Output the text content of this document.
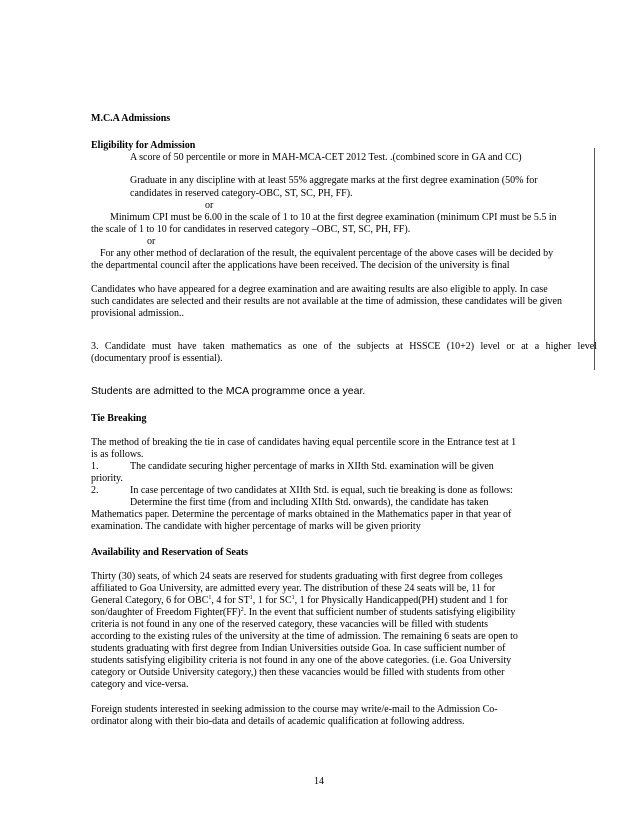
M.C.A Admissions
Eligibility for Admission
A score of 50 percentile or more in MAH-MCA-CET 2012 Test. .(combined score in GA and CC)
Graduate in any discipline with at least 55% aggregate marks at the first degree examination (50% for
candidates in reserved category-OBC, ST, SC, PH, FF).
or
Minimum CPI must be 6.00 in the scale of 1 to 10 at the first degree examination (minimum CPI must be 5.5 in
the scale of 1 to 10 for candidates in reserved category –OBC, ST, SC, PH, FF).
or
For any other method of declaration of the result, the equivalent percentage of the above cases will be decided by
the departmental council after the applications have been received. The decision of the university is final
Candidates who have appeared for a degree examination and are awaiting results are also eligible to apply. In case
such candidates are selected and their results are not available at the time of admission, these candidates will be given
provisional admission..
3. Candidate must have taken mathematics as one of the subjects at HSSCE (10+2) level or at a higher level
(documentary proof is essential).
Students are admitted to the MCA programme once a year.
Tie Breaking
The method of breaking the tie in case of candidates having equal percentile score in the Entrance test at 1
is as follows.
1.	The candidate securing higher percentage of marks in XIIth Std. examination will be given
priority.
2.	In case percentage of two candidates at XIIth Std. is equal, such tie breaking is done as follows:
Determine the first time (from and including XIIth Std. onwards), the candidate has taken
Mathematics paper. Determine the percentage of marks obtained in the Mathematics paper in that year of
examination. The candidate with higher percentage of marks will be given priority
Availability and Reservation of Seats
Thirty (30) seats, of which 24 seats are reserved for students graduating with first degree from colleges
affiliated to Goa University, are admitted every year. The distribution of these 24 seats will be, 11 for
General Category, 6 for OBC$^1$, 4 for $ST^1$, 1 for $SC^1$, 1 for Physically Handicapped(PH) student and 1 for
son/daughter of Freedom Fighter(FF)$^2$. In the event that sufficient number of students satisfying eligibility
criteria is not found in any one of the reserved category, these vacancies will be filled with students
according to the existing rules of the university at the time of admission. The remaining 6 seats are open to
students graduating with first degree from Indian Universities outside Goa. In case sufficient number of
students satisfying eligibility criteria is not found in any one of the above categories. (i.e. Goa University
category or Outside University category,) then these vacancies would be filled with students from other
category and vice-versa.
Foreign students interested in seeking admission to the course may write/e-mail to the Admission Co-
ordinator along with their bio-data and details of academic qualification at following address.
14
